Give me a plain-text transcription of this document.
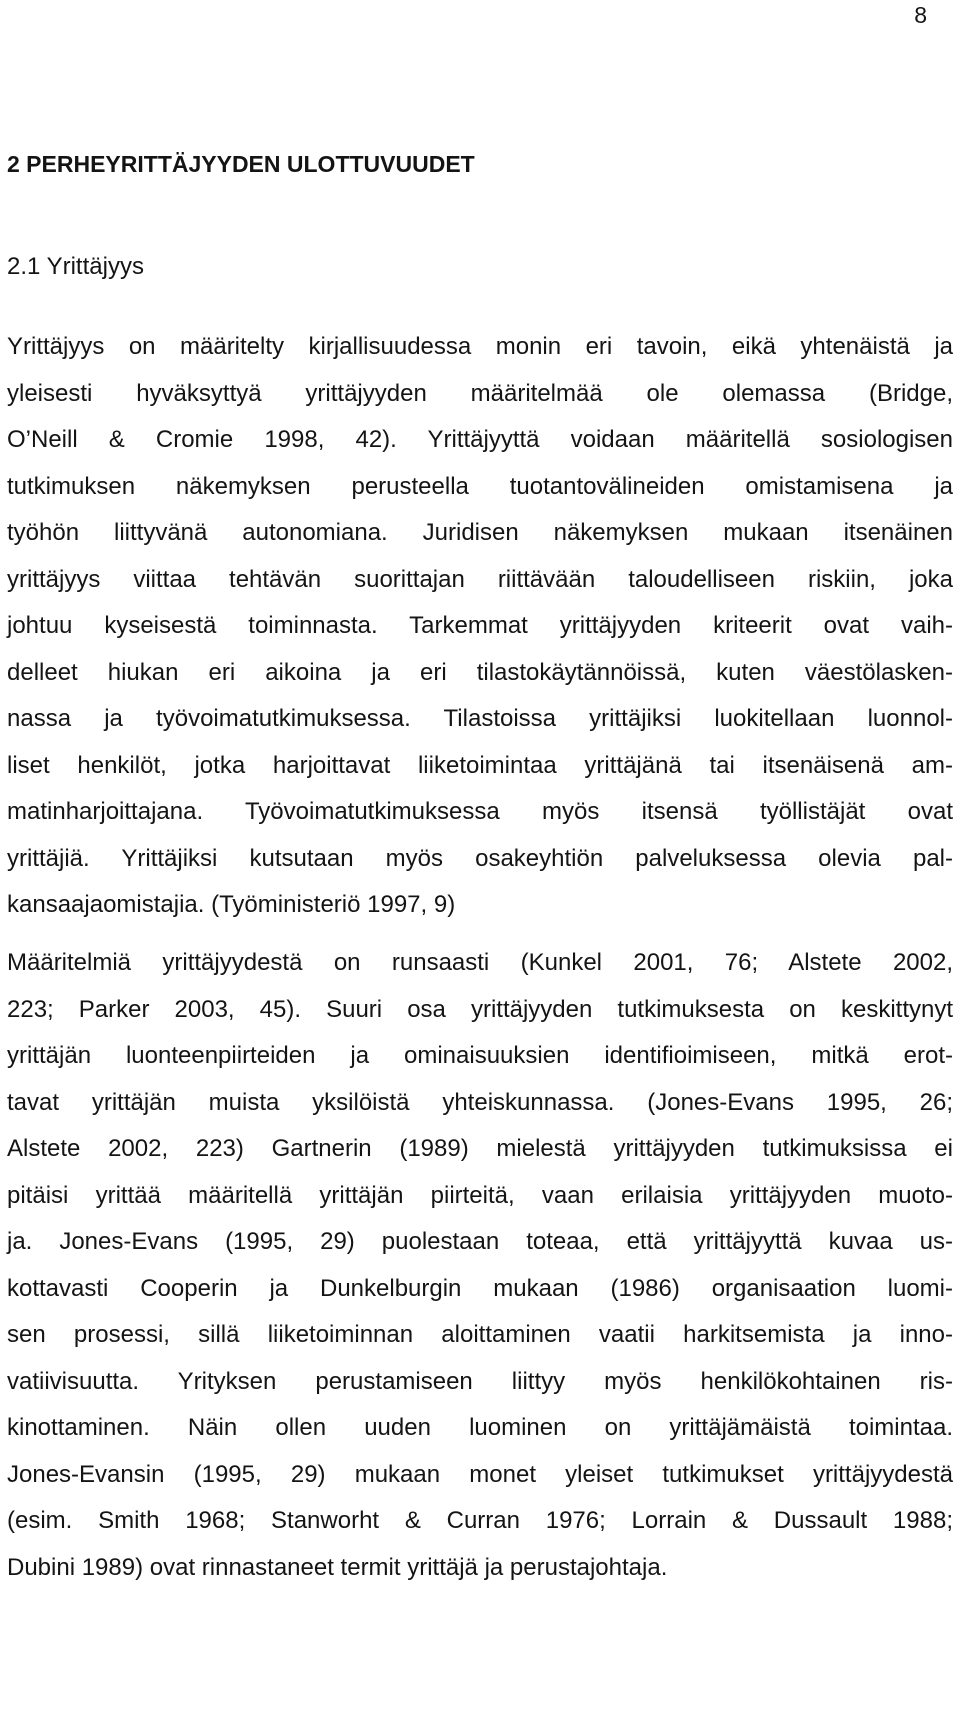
8
2 PERHEYRITTÄJYYDEN ULOTTUVUUDET
2.1 Yrittäjyys
Yrittäjyys on määritelty kirjallisuudessa monin eri tavoin, eikä yhtenäistä ja
yleisesti hyväksyttyä yrittäjyyden määritelmää ole olemassa (Bridge,
O’Neill & Cromie 1998, 42). Yrittäjyyttä voidaan määritellä sosiologisen
tutkimuksen näkemyksen perusteella tuotantovälineiden omistamisena ja
työhön liittyvänä autonomiana. Juridisen näkemyksen mukaan itsenäinen
yrittäjyys viittaa tehtävän suorittajan riittävään taloudelliseen riskiin, joka
johtuu kyseisestä toiminnasta. Tarkemmat yrittäjyyden kriteerit ovat vaih-
delleet hiukan eri aikoina ja eri tilastokäytännöissä, kuten väestölasken-
nassa ja työvoimatutkimuksessa. Tilastoissa yrittäjiksi luokitellaan luonnol-
liset henkilöt, jotka harjoittavat liiketoimintaa yrittäjänä tai itsenäisenä am-
matinharjoittajana. Työvoimatutkimuksessa myös itsensä työllistäjät ovat
yrittäjiä. Yrittäjiksi kutsutaan myös osakeyhtiön palveluksessa olevia pal-
kansaajaomistajia. (Työministeriö 1997, 9)
Määritelmiä yrittäjyydestä on runsaasti (Kunkel 2001, 76; Alstete 2002,
223; Parker 2003, 45). Suuri osa yrittäjyyden tutkimuksesta on keskittynyt
yrittäjän luonteenpiirteiden ja ominaisuuksien identifioimiseen, mitkä erot-
tavat yrittäjän muista yksilöistä yhteiskunnassa. (Jones-Evans 1995, 26;
Alstete 2002, 223) Gartnerin (1989) mielestä yrittäjyyden tutkimuksissa ei
pitäisi yrittää määritellä yrittäjän piirteitä, vaan erilaisia yrittäjyyden muoto-
ja. Jones-Evans (1995, 29) puolestaan toteaa, että yrittäjyyttä kuvaa us-
kottavasti Cooperin ja Dunkelburgin mukaan (1986) organisaation luomi-
sen prosessi, sillä liiketoiminnan aloittaminen vaatii harkitsemista ja inno-
vatiivisuutta. Yrityksen perustamiseen liittyy myös henkilökohtainen ris-
kinottaminen. Näin ollen uuden luominen on yrittäjämäistä toimintaa.
Jones-Evansin (1995, 29) mukaan monet yleiset tutkimukset yrittäjyydestä
(esim. Smith 1968; Stanworht & Curran 1976; Lorrain & Dussault 1988;
Dubini 1989) ovat rinnastaneet termit yrittäjä ja perustajohtaja.
